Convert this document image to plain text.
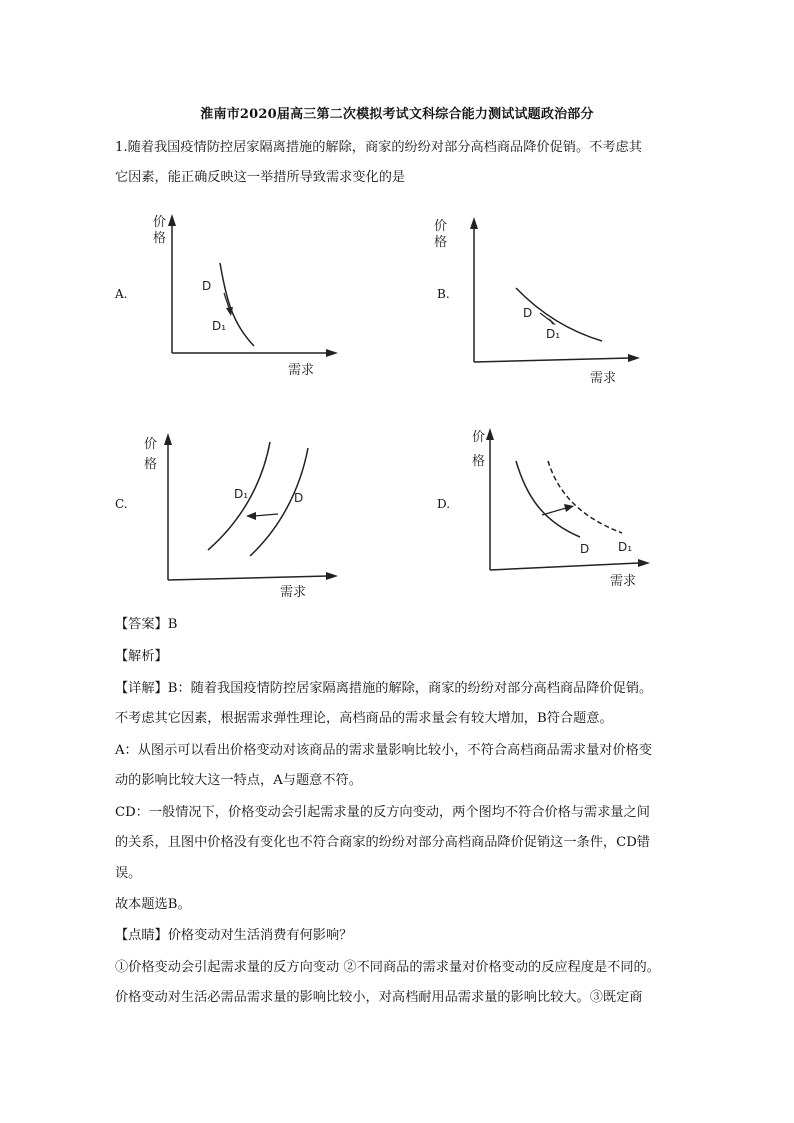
淮南市2020届高三第二次模拟考试文科综合能力测试试题政治部分
1.随着我国疫情防控居家隔离措施的解除，商家的纷纷对部分高档商品降价促销。不考虑其
它因素，能正确反映这一举措所导致需求变化的是
A.
价
格
需求
D
D₁
B.
价
格
需求
D
D₁
C.
价
格
需求
D₁	D	D.
价
格
需求
D D₁
【答案】B
【解析】
【详解】B：随着我国疫情防控居家隔离措施的解除，商家的纷纷对部分高档商品降价促销。
不考虑其它因素，根据需求弹性理论，高档商品的需求量会有较大增加，B符合题意。
A：从图示可以看出价格变动对该商品的需求量影响比较小，不符合高档商品需求量对价格变
动的影响比较大这一特点，A与题意不符。
CD：一般情况下，价格变动会引起需求量的反方向变动，两个图均不符合价格与需求量之间
的关系，且图中价格没有变化也不符合商家的纷纷对部分高档商品降价促销这一条件，CD错
误。
故本题选B。
【点睛】价格变动对生活消费有何影响？
①价格变动会引起需求量的反方向变动 ②不同商品的需求量对价格变动的反应程度是不同的。
价格变动对生活必需品需求量的影响比较小，对高档耐用品需求量的影响比较大。③既定商
